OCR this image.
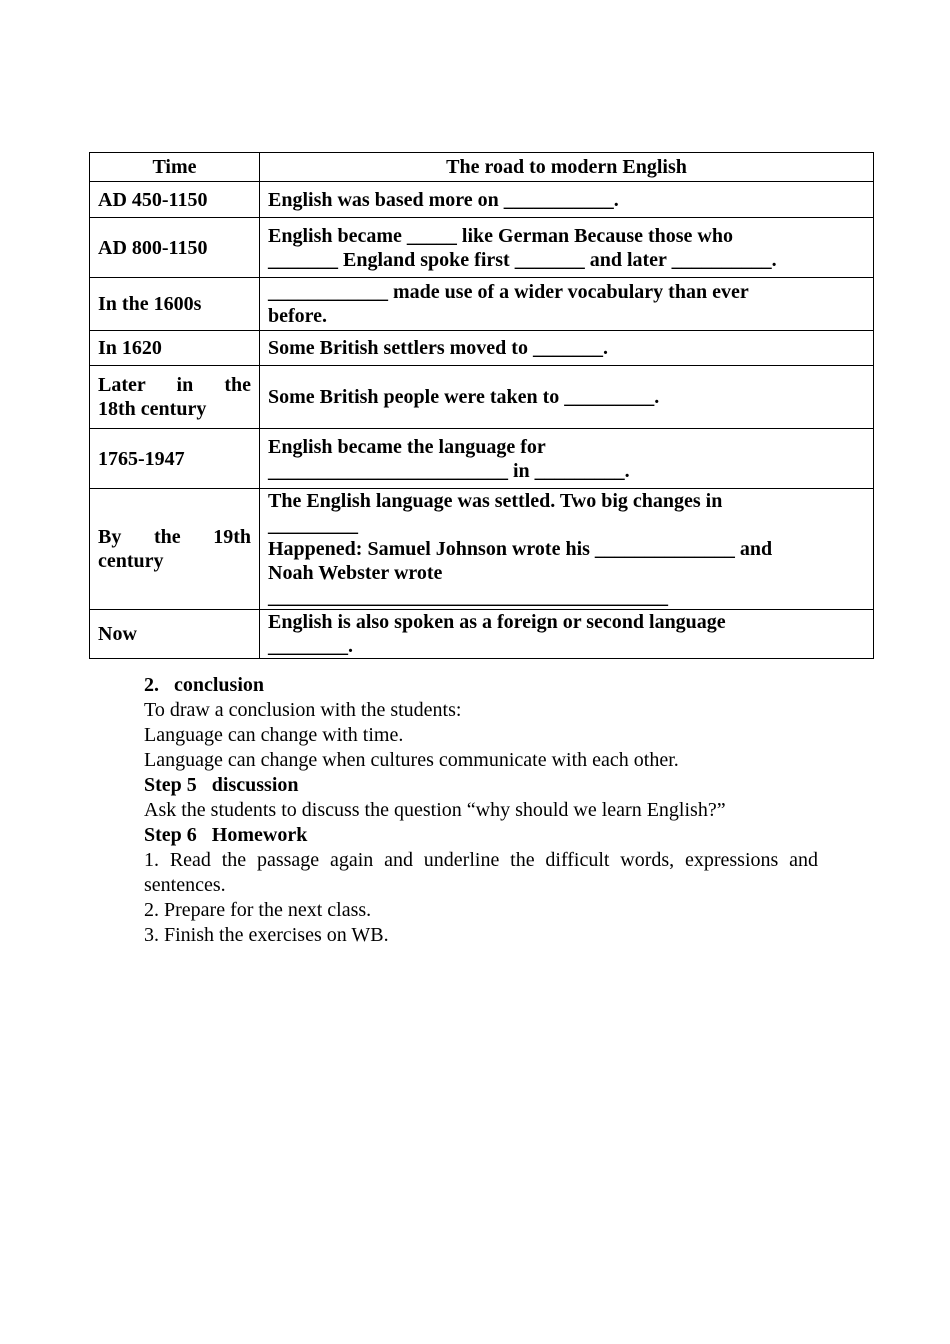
Time	The road to modern English
AD 450-1150	English was based more on ___________.
AD 800-1150	English became _____ like German Because those who
_______ England spoke first _______ and later __________.

In the 1600s	____________ made use of a wider vocabulary than ever
before.

In 1620	Some British settlers moved to _______.

Later in the
18th century	Some British people were taken to _________.
1765-1947	English became the language for
________________________ in _________.

By the 19th
century	The English language was settled. Two big changes in
_________
Happened: Samuel Johnson wrote his ______________ and
Noah Webster wrote
________________________________________

Now	English is also spoken as a foreign or second language
________.

2. conclusion

To draw a conclusion with the students:

Language can change with time.

Language can change when cultures communicate with each other.

Step 5 discussion

Ask the students to discuss the question “why should we learn English?”

Step 6 Homework

1. Read the passage again and underline the difficult words, expressions and sentences.

2. Prepare for the next class.

3. Finish the exercises on WB.
